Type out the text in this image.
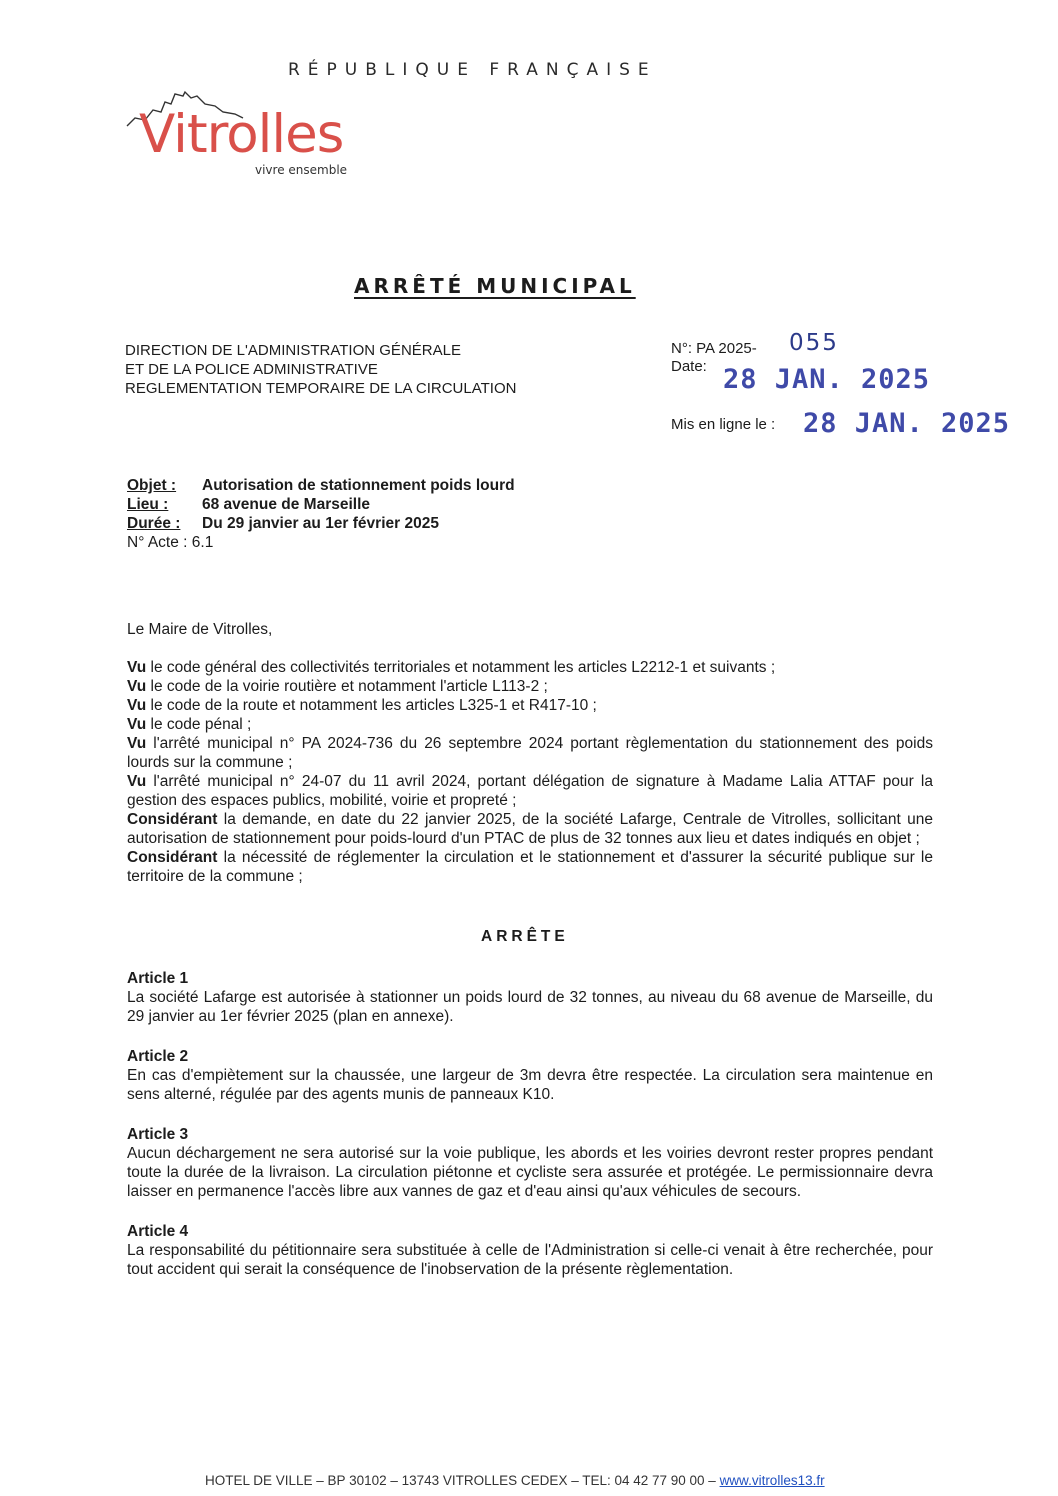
RÉPUBLIQUE FRANÇAISE
Vitrolles
vivre ensemble
ARRÊTÉ MUNICIPAL
DIRECTION DE L'ADMINISTRATION GÉNÉRALE
ET DE LA POLICE ADMINISTRATIVE
REGLEMENTATION TEMPORAIRE DE LA CIRCULATION
N°: PA 2025- 055
Date: 28 JAN. 2025
Mis en ligne le : 28 JAN. 2025
Objet :	Autorisation de stationnement poids lourd
Lieu :	68 avenue de Marseille
Durée :	Du 29 janvier au 1er février 2025
N° Acte : 6.1

Le Maire de Vitrolles,

Vu le code général des collectivités territoriales et notamment les articles L2212-1 et suivants ;

Vu le code de la voirie routière et notamment l'article L113-2 ;

Vu le code de la route et notamment les articles L325-1 et R417-10 ;

Vu le code pénal ;

Vu l'arrêté municipal n° PA 2024-736 du 26 septembre 2024 portant règlementation du stationnement des poids lourds sur la commune ;

Vu l'arrêté municipal n° 24-07 du 11 avril 2024, portant délégation de signature à Madame Lalia ATTAF pour la gestion des espaces publics, mobilité, voirie et propreté ;

Considérant la demande, en date du 22 janvier 2025, de la société Lafarge, Centrale de Vitrolles, sollicitant une autorisation de stationnement pour poids-lourd d'un PTAC de plus de 32 tonnes aux lieu et dates indiqués en objet ;

Considérant la nécessité de réglementer la circulation et le stationnement et d'assurer la sécurité publique sur le territoire de la commune ;

ARRÊTE
Article 1

La société Lafarge est autorisée à stationner un poids lourd de 32 tonnes, au niveau du 68 avenue de Marseille, du 29 janvier au 1er février 2025 (plan en annexe).

Article 2

En cas d'empiètement sur la chaussée, une largeur de 3m devra être respectée. La circulation sera maintenue en sens alterné, régulée par des agents munis de panneaux K10.

Article 3

Aucun déchargement ne sera autorisé sur la voie publique, les abords et les voiries devront rester propres pendant toute la durée de la livraison. La circulation piétonne et cycliste sera assurée et protégée. Le permissionnaire devra laisser en permanence l'accès libre aux vannes de gaz et d'eau ainsi qu'aux véhicules de secours.

Article 4

La responsabilité du pétitionnaire sera substituée à celle de l'Administration si celle-ci venait à être recherchée, pour tout accident qui serait la conséquence de l'inobservation de la présente règlementation.

HOTEL DE VILLE – BP 30102 – 13743 VITROLLES CEDEX – TEL: 04 42 77 90 00 – www.vitrolles13.fr
